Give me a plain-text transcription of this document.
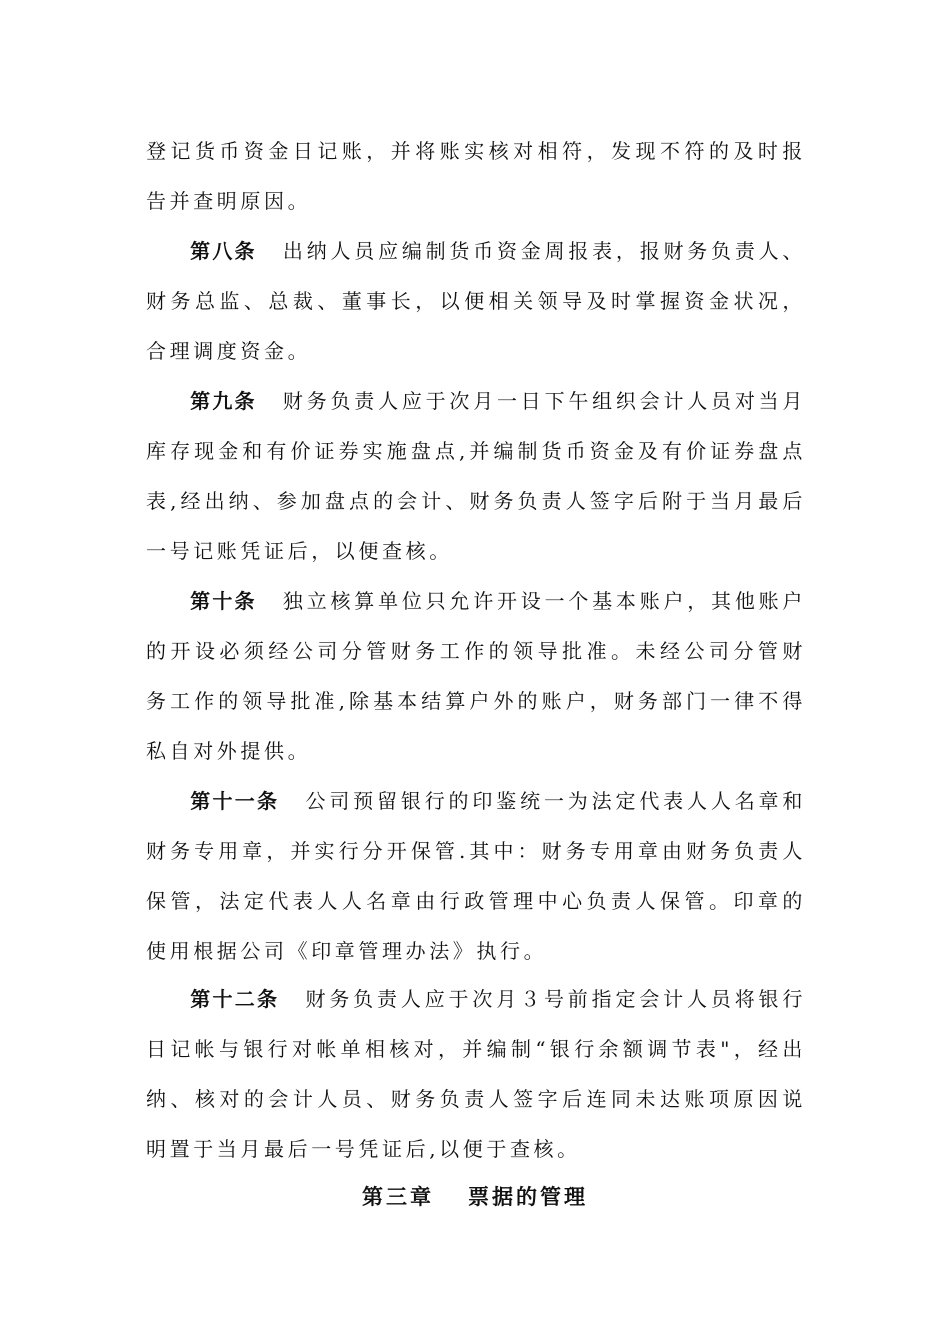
登记货币资金日记账，并将账实核对相符，发现不符的及时报告并查明原因。

第八条 出纳人员应编制货币资金周报表，报财务负责人、财务总监、总裁、董事长，以便相关领导及时掌握资金状况，合理调度资金。

第九条 财务负责人应于次月一日下午组织会计人员对当月库存现金和有价证券实施盘点,并编制货币资金及有价证券盘点表,经出纳、参加盘点的会计、财务负责人签字后附于当月最后一号记账凭证后，以便查核。

第十条 独立核算单位只允许开设一个基本账户，其他账户的开设必须经公司分管财务工作的领导批准。未经公司分管财务工作的领导批准,除基本结算户外的账户，财务部门一律不得私自对外提供。

第十一条 公司预留银行的印鉴统一为法定代表人人名章和财务专用章，并实行分开保管.其中：财务专用章由财务负责人保管，法定代表人人名章由行政管理中心负责人保管。印章的使用根据公司《印章管理办法》执行。

第十二条 财务负责人应于次月３号前指定会计人员将银行日记帐与银行对帐单相核对，并编制“银行余额调节表"，经出纳、核对的会计人员、财务负责人签字后连同未达账项原因说明置于当月最后一号凭证后,以便于查核。

第三章 票据的管理
